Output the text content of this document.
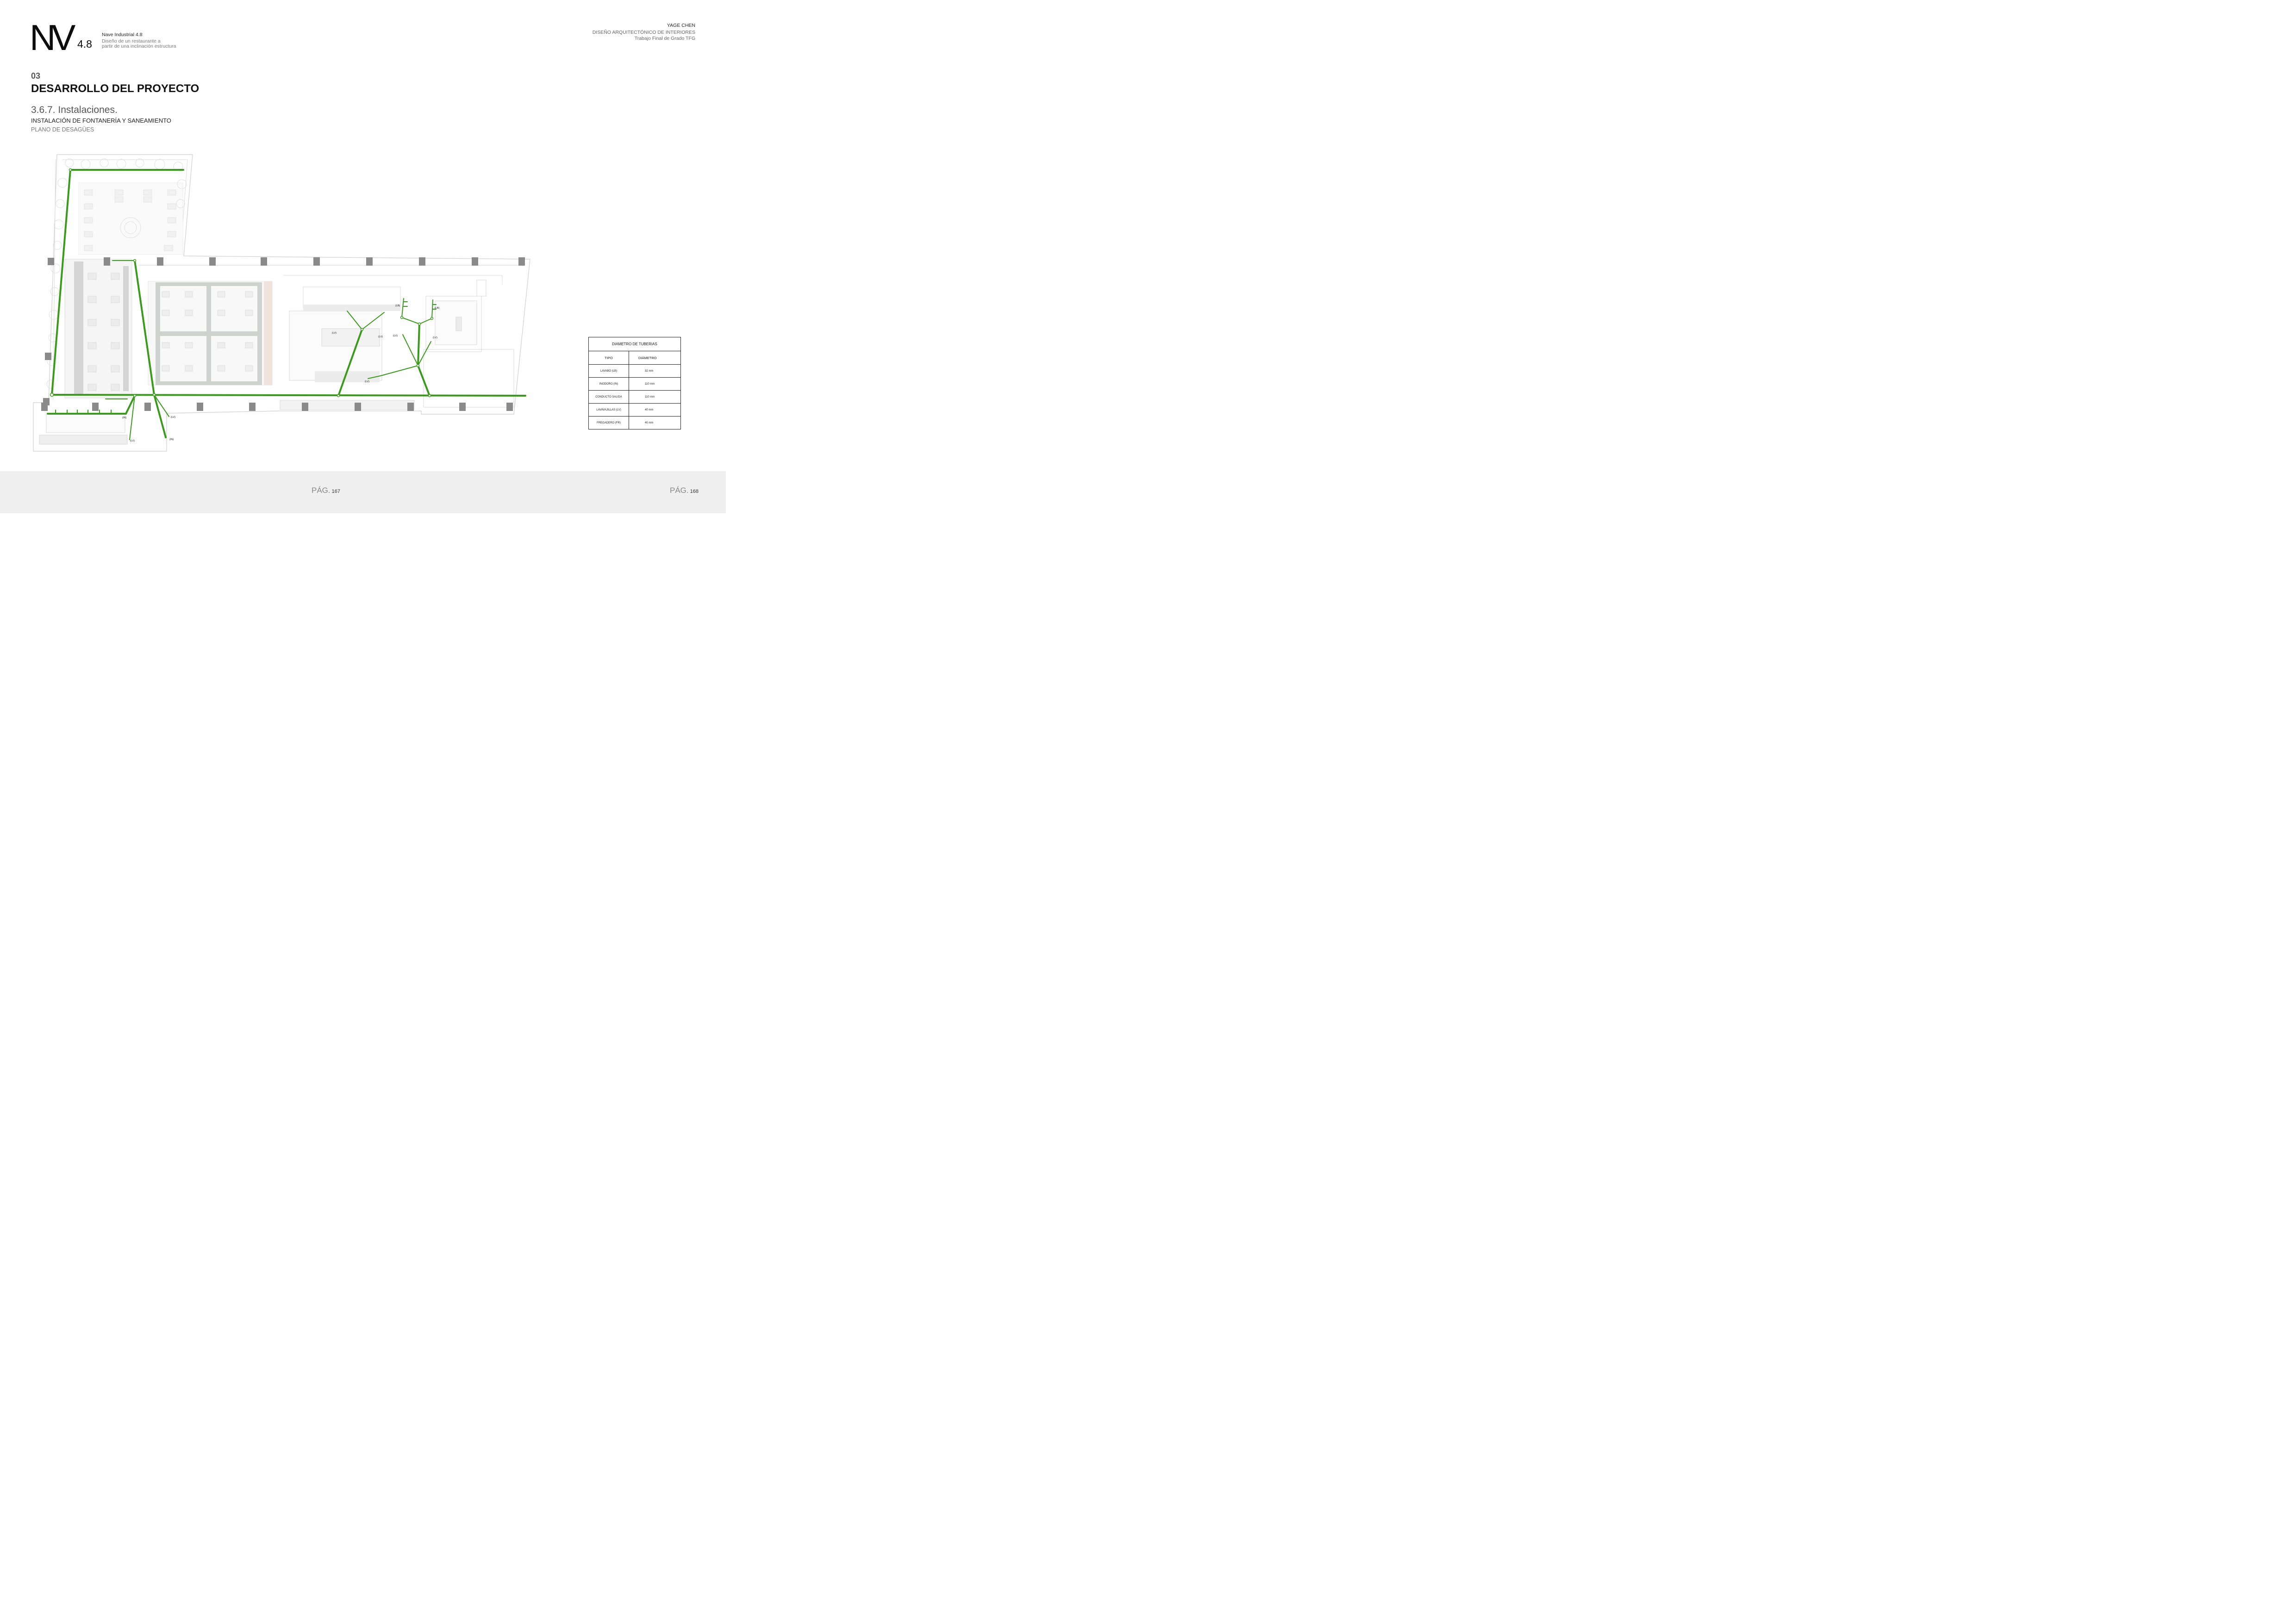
NV 4.8
Nave Industrial 4.8
Diseño de un restaurante a
partir de una inclinación estructura
YAGE CHEN
DISEÑO ARQUITECTÓNICO DE INTERIORES
Trabajo Final de Grado TFG
03
DESARROLLO DEL PROYECTO
3.6.7. Instalaciones.
INSTALACIÓN DE FONTANERÍA Y SANEAMIENTO
PLANO DE DESAGÜES
(LB)
(LB)
(LV)
(LV)	(LV)
(LV)
(LV)
(LV)
(LV)
(IN)
(IN)
DIAMETRO DE TUBERIAS	
TIPO	DIÁMETRO
LAVABO (LB)	32 mm
INODORO (IN)	110 mm
CONDUCTO SALIDA	110 mm
LAVAVAJILLAS (LV)	40 mm
FREGADERO (FR)	40 mm
PÁG. 167	PÁG. 168
